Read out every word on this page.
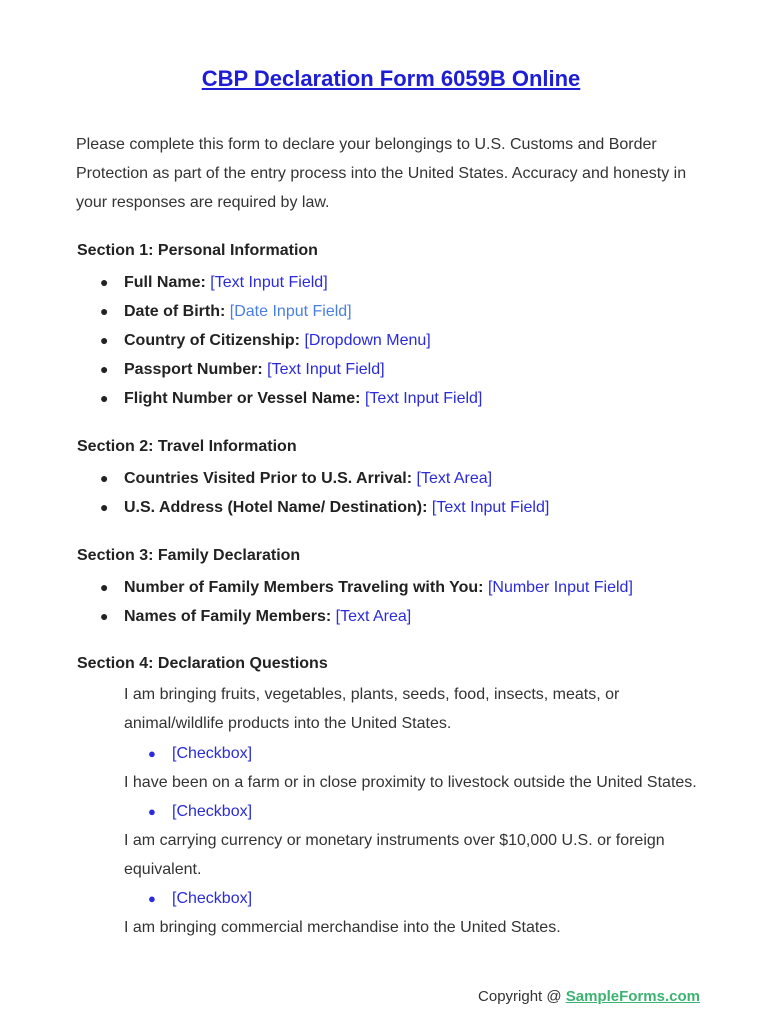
CBP Declaration Form 6059B Online

Please complete this form to declare your belongings to U.S. Customs and Border Protection as part of the entry process into the United States. Accuracy and honesty in your responses are required by law.

Section 1: Personal Information
● Full Name: [Text Input Field]
● Date of Birth: [Date Input Field]
● Country of Citizenship: [Dropdown Menu]
● Passport Number: [Text Input Field]
● Flight Number or Vessel Name: [Text Input Field]
Section 2: Travel Information
● Countries Visited Prior to U.S. Arrival: [Text Area]
● U.S. Address (Hotel Name/ Destination): [Text Input Field]
Section 3: Family Declaration
● Number of Family Members Traveling with You: [Number Input Field]
● Names of Family Members: [Text Area]
Section 4: Declaration Questions

I am bringing fruits, vegetables, plants, seeds, food, insects, meats, or animal/wildlife products into the United States.

● [Checkbox]

I have been on a farm or in close proximity to livestock outside the United States.

● [Checkbox]

I am carrying currency or monetary instruments over $10,000 U.S. or foreign equivalent.

● [Checkbox]

I am bringing commercial merchandise into the United States.

Copyright @ SampleForms.com
